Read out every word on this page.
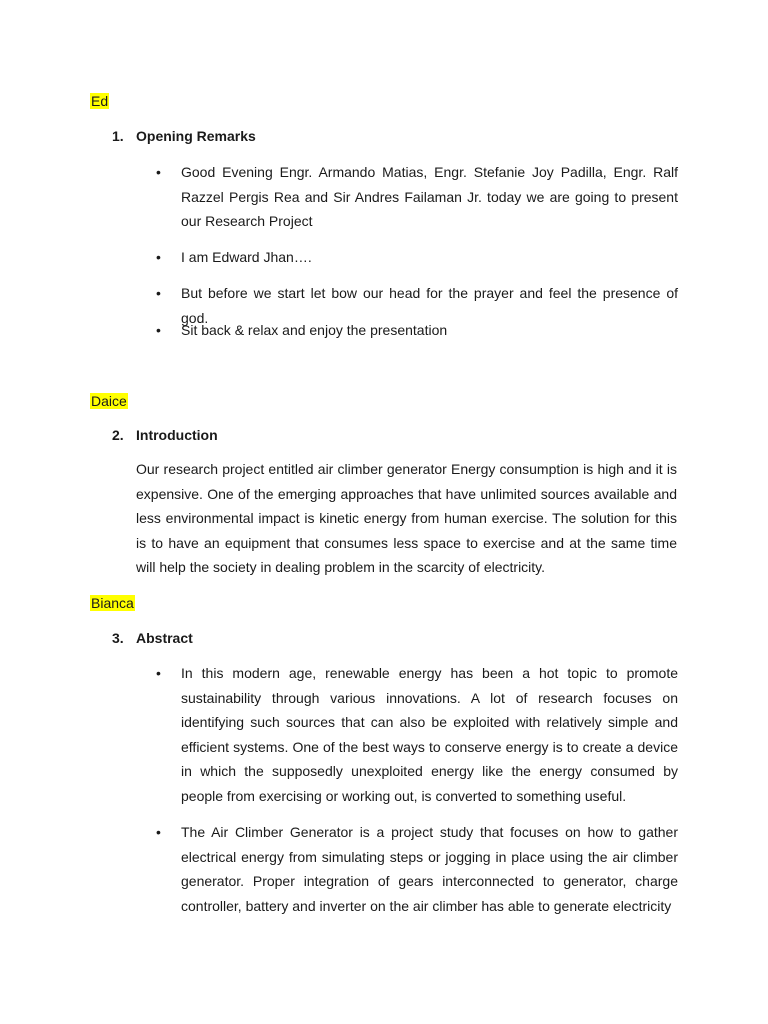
Ed
1. Opening Remarks
•	Good Evening Engr. Armando Matias, Engr. Stefanie Joy Padilla, Engr. Ralf Razzel Pergis Rea and Sir Andres Failaman Jr. today we are going to present our Research Project
•	I am Edward Jhan….
•	But before we start let bow our head for the prayer and feel the presence of god.
•	Sit back & relax and enjoy the presentation
Daice
2. Introduction
Our research project entitled air climber generator Energy consumption is high and it is expensive. One of the emerging approaches that have unlimited sources available and less environmental impact is kinetic energy from human exercise. The solution for this is to have an equipment that consumes less space to exercise and at the same time will help the society in dealing problem in the scarcity of electricity.
Bianca
3. Abstract
•	In this modern age, renewable energy has been a hot topic to promote sustainability through various innovations. A lot of research focuses on identifying such sources that can also be exploited with relatively simple and efficient systems. One of the best ways to conserve energy is to create a device in which the supposedly unexploited energy like the energy consumed by people from exercising or working out, is converted to something useful.
•	The Air Climber Generator is a project study that focuses on how to gather electrical energy from simulating steps or jogging in place using the air climber generator. Proper integration of gears interconnected to generator, charge controller, battery and inverter on the air climber has able to generate electricity
